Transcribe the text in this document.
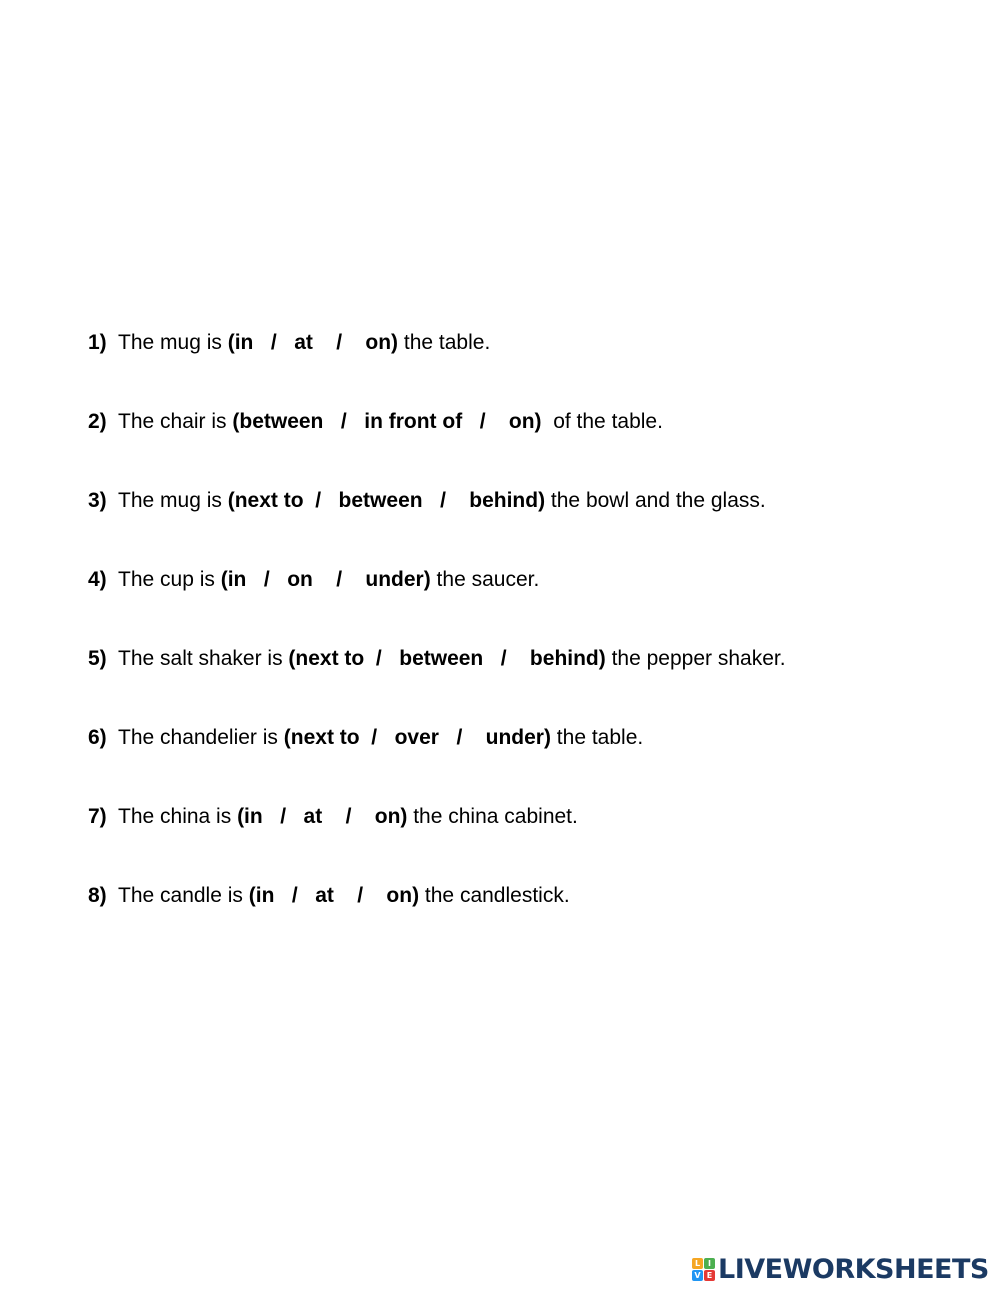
1) The mug is (in   /   at    /    on) the table.
2) The chair is (between   /   in front of   /    on)  of the table.
3) The mug is (next to  /   between   /    behind) the bowl and the glass.
4) The cup is (in   /   on    /    under) the saucer.
5) The salt shaker is (next to  /   between   /    behind) the pepper shaker.
6) The chandelier is (next to  /   over   /    under) the table.
7) The china is (in   /   at    /    on) the china cabinet.
8) The candle is (in   /   at    /    on) the candlestick.
L I
V E LIVEWORKSHEETS
